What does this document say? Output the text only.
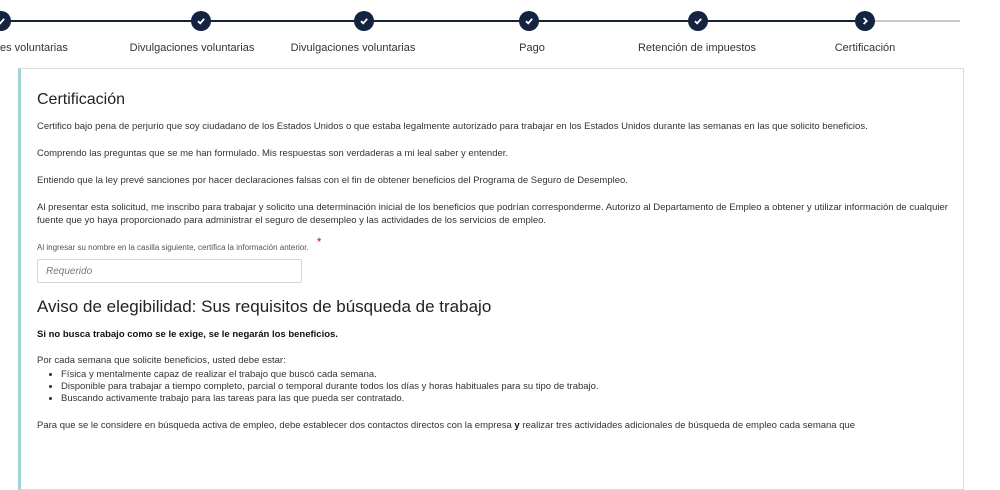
es voluntarias	Divulgaciones voluntarias	Divulgaciones voluntarias	Pago	Retención de impuestos	Certificación
Certificación

Certifico bajo pena de perjurio que soy ciudadano de los Estados Unidos o que estaba legalmente autorizado para trabajar en los Estados Unidos durante las semanas en las que solicito beneficios.

Comprendo las preguntas que se me han formulado. Mis respuestas son verdaderas a mi leal saber y entender.

Entiendo que la ley prevé sanciones por hacer declaraciones falsas con el fin de obtener beneficios del Programa de Seguro de Desempleo.

Al presentar esta solicitud, me inscribo para trabajar y solicito una determinación inicial de los beneficios que podrían corresponderme. Autorizo al Departamento de Empleo a obtener y utilizar información de cualquier fuente que yo haya proporcionado para administrar el seguro de desempleo y las actividades de los servicios de empleo.

Al ingresar su nombre en la casilla siguiente, certifica la información anterior. *
Requerido
Aviso de elegibilidad: Sus requisitos de búsqueda de trabajo

Si no busca trabajo como se le exige, se le negarán los beneficios.

Por cada semana que solicite beneficios, usted debe estar:

• Física y mentalmente capaz de realizar el trabajo que buscó cada semana.
• Disponible para trabajar a tiempo completo, parcial o temporal durante todos los días y horas habituales para su tipo de trabajo.
• Buscando activamente trabajo para las tareas para las que pueda ser contratado.

Para que se le considere en búsqueda activa de empleo, debe establecer dos contactos directos con la empresa y realizar tres actividades adicionales de búsqueda de empleo cada semana que
